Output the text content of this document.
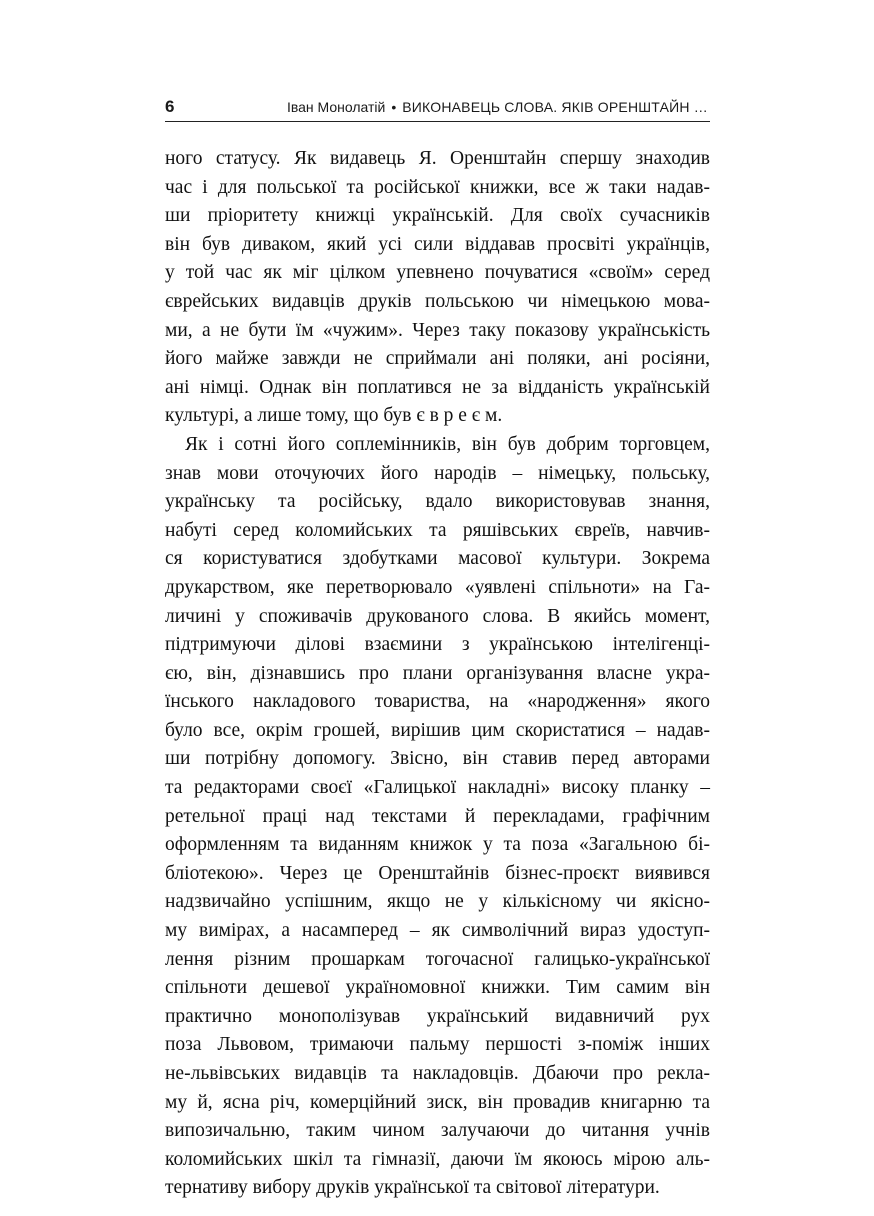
6	Іван Монолатій • ВИКОНАВЕЦЬ СЛОВА. ЯКІВ ОРЕНШТАЙН …
ного статусу. Як видавець Я. Оренштайн спершу знаходив
час і для польської та російської книжки, все ж таки надав-
ши пріоритету книжці українській. Для своїх сучасників
він був диваком, який усі сили віддавав просвіті українців,
у той час як міг цілком упевнено почуватися «своїм» серед
єврейських видавців друків польською чи німецькою мова-
ми, а не бути їм «чужим». Через таку показову українськість
його майже завжди не сприймали ані поляки, ані росіяни,
ані німці. Однак він поплатився не за відданість українській
культурі, а лише тому, що був є в р е є м.
Як і сотні його соплемінників, він був добрим торговцем,
знав мови оточуючих його народів – німецьку, польську,
українську та російську, вдало використовував знання,
набуті серед коломийських та ряшівських євреїв, навчив-
ся користуватися здобутками масової культури. Зокрема
друкарством, яке перетворювало «уявлені спільноти» на Га-
личині у споживачів друкованого слова. В якийсь момент,
підтримуючи ділові взаємини з українською інтелігенці-
єю, він, дізнавшись про плани організування власне укра-
їнського накладового товариства, на «народження» якого
було все, окрім грошей, вирішив цим скористатися – надав-
ши потрібну допомогу. Звісно, він ставив перед авторами
та редакторами своєї «Галицької накладні» високу планку –
ретельної праці над текстами й перекладами, графічним
оформленням та виданням книжок у та поза «Загальною бі-
бліотекою». Через це Оренштайнів бізнес-проєкт виявився
надзвичайно успішним, якщо не у кількісному чи якісно-
му вимірах, а насамперед – як символічний вираз удоступ-
лення різним прошаркам тогочасної галицько-української
спільноти дешевої україномовної книжки. Тим самим він
практично монополізував український видавничий рух
поза Львовом, тримаючи пальму першості з-поміж інших
не-львівських видавців та накладовців. Дбаючи про рекла-
му й, ясна річ, комерційний зиск, він провадив книгарню та
випозичальню, таким чином залучаючи до читання учнів
коломийських шкіл та гімназії, даючи їм якоюсь мірою аль-
тернативу вибору друків української та світової літератури.
